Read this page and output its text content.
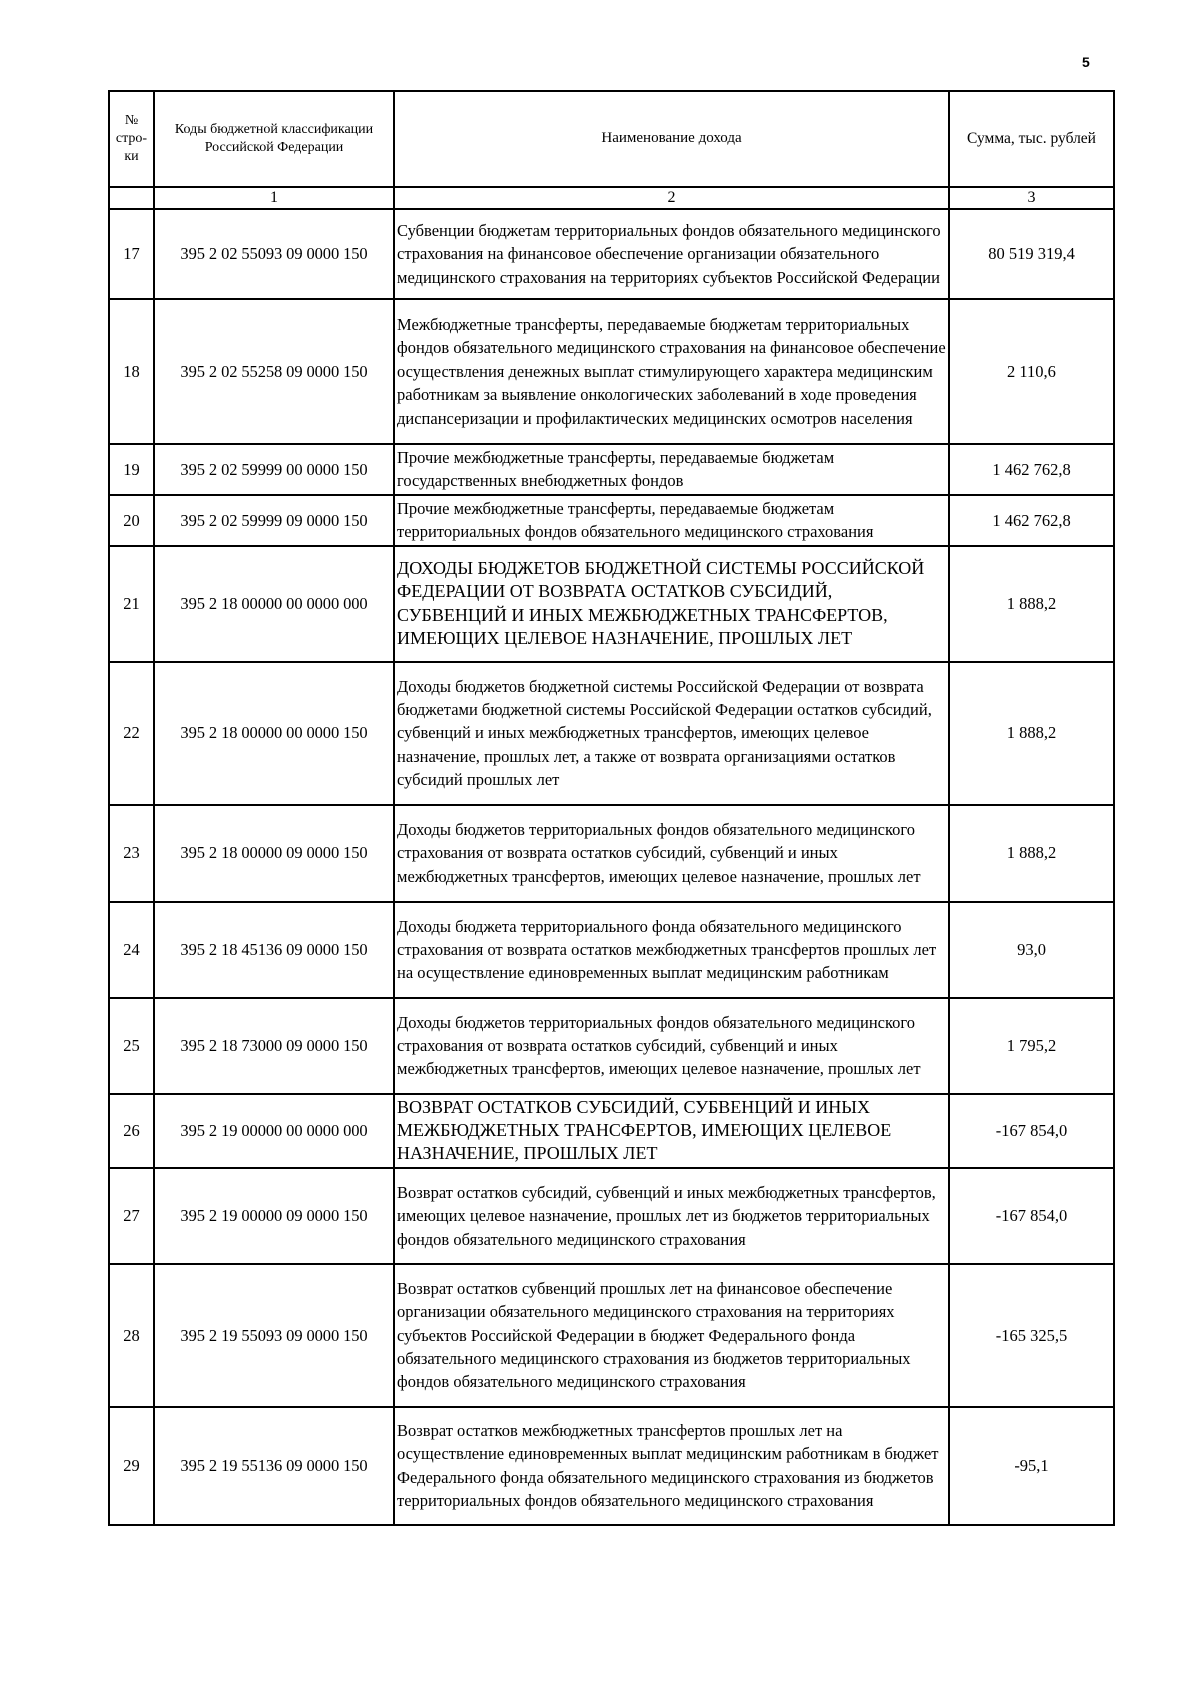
5
№ стро- ки	Коды бюджетной классификации Российской Федерации	Наименование дохода	Сумма, тыс. рублей
	1	2	3
17	395 2 02 55093 09 0000 150	Субвенции бюджетам территориальных фондов обязательного медицинского страхования на финансовое обеспечение организации обязательного медицинского страхования на территориях субъектов Российской Федерации	80 519 319,4
18	395 2 02 55258 09 0000 150	Межбюджетные трансферты, передаваемые бюджетам территориальных фондов обязательного медицинского страхования на финансовое обеспечение осуществления денежных выплат стимулирующего характера медицинским работникам за выявление онкологических заболеваний в ходе проведения диспансеризации и профилактических медицинских осмотров населения	2 110,6
19	395 2 02 59999 00 0000 150	Прочие межбюджетные трансферты, передаваемые бюджетам государственных внебюджетных фондов	1 462 762,8
20	395 2 02 59999 09 0000 150	Прочие межбюджетные трансферты, передаваемые бюджетам территориальных фондов обязательного медицинского страхования	1 462 762,8
21	395 2 18 00000 00 0000 000	ДОХОДЫ БЮДЖЕТОВ БЮДЖЕТНОЙ СИСТЕМЫ РОССИЙСКОЙ ФЕДЕРАЦИИ ОТ ВОЗВРАТА ОСТАТКОВ СУБСИДИЙ, СУБВЕНЦИЙ И ИНЫХ МЕЖБЮДЖЕТНЫХ ТРАНСФЕРТОВ, ИМЕЮЩИХ ЦЕЛЕВОЕ НАЗНАЧЕНИЕ, ПРОШЛЫХ ЛЕТ	1 888,2
22	395 2 18 00000 00 0000 150	Доходы бюджетов бюджетной системы Российской Федерации от возврата бюджетами бюджетной системы Российской Федерации остатков субсидий, субвенций и иных межбюджетных трансфертов, имеющих целевое назначение, прошлых лет, а также от возврата организациями остатков субсидий прошлых лет	1 888,2
23	395 2 18 00000 09 0000 150	Доходы бюджетов территориальных фондов обязательного медицинского страхования от возврата остатков субсидий, субвенций и иных межбюджетных трансфертов, имеющих целевое назначение, прошлых лет	1 888,2
24	395 2 18 45136 09 0000 150	Доходы бюджета территориального фонда обязательного медицинского страхования от возврата остатков межбюджетных трансфертов прошлых лет на осуществление единовременных выплат медицинским работникам	93,0
25	395 2 18 73000 09 0000 150	Доходы бюджетов территориальных фондов обязательного медицинского страхования от возврата остатков субсидий, субвенций и иных межбюджетных трансфертов, имеющих целевое назначение, прошлых лет	1 795,2
26	395 2 19 00000 00 0000 000	ВОЗВРАТ ОСТАТКОВ СУБСИДИЙ, СУБВЕНЦИЙ И ИНЫХ МЕЖБЮДЖЕТНЫХ ТРАНСФЕРТОВ, ИМЕЮЩИХ ЦЕЛЕВОЕ НАЗНАЧЕНИЕ, ПРОШЛЫХ ЛЕТ	-167 854,0
27	395 2 19 00000 09 0000 150	Возврат остатков субсидий, субвенций и иных межбюджетных трансфертов, имеющих целевое назначение, прошлых лет из бюджетов территориальных фондов обязательного медицинского страхования	-167 854,0
28	395 2 19 55093 09 0000 150	Возврат остатков субвенций прошлых лет на финансовое обеспечение организации обязательного медицинского страхования на территориях субъектов Российской Федерации в бюджет Федерального фонда обязательного медицинского страхования из бюджетов территориальных фондов обязательного медицинского страхования	-165 325,5
29	395 2 19 55136 09 0000 150	Возврат остатков межбюджетных трансфертов прошлых лет на осуществление единовременных выплат медицинским работникам в бюджет Федерального фонда обязательного медицинского страхования из бюджетов территориальных фондов обязательного медицинского страхования	-95,1
